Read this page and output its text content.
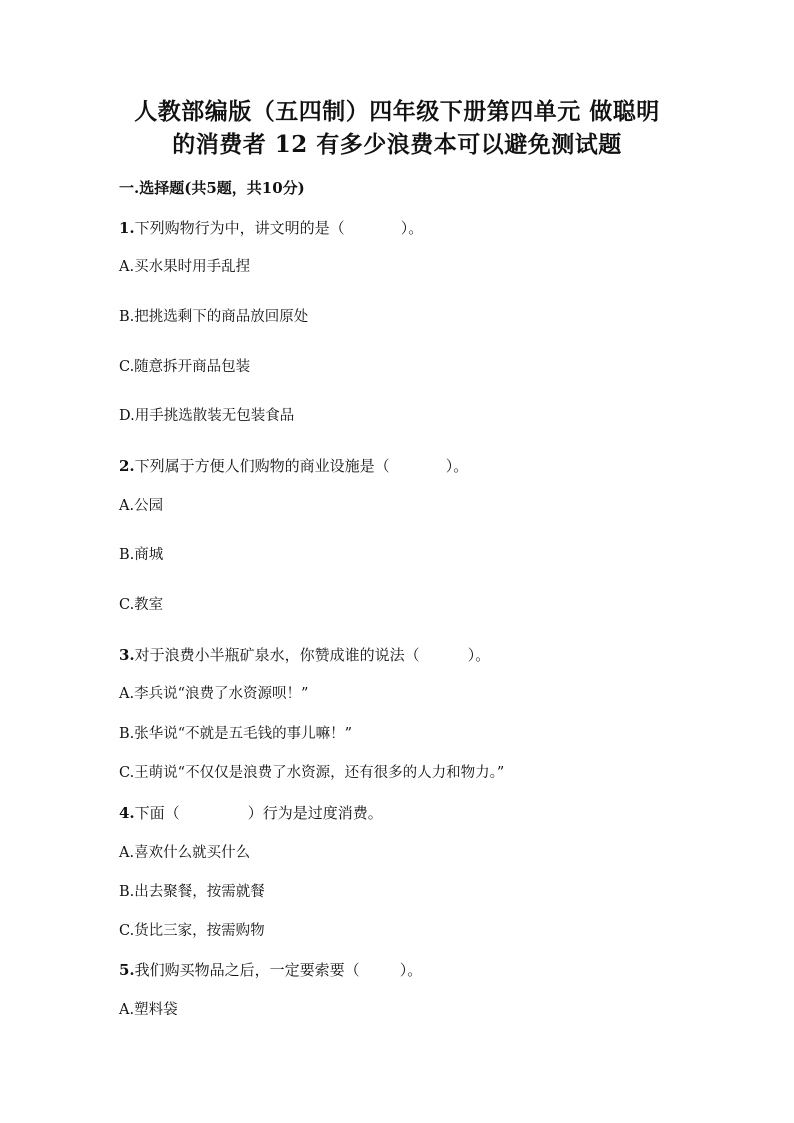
人教部编版（五四制）四年级下册第四单元 做聪明
的消费者 12 有多少浪费本可以避免测试题
一.选择题(共5题，共10分)
1.下列购物行为中，讲文明的是（	）。
A.买水果时用手乱捏
B.把挑选剩下的商品放回原处
C.随意拆开商品包装
D.用手挑选散装无包装食品
2.下列属于方便人们购物的商业设施是（	）。
A.公园
B.商城
C.教室
3.对于浪费小半瓶矿泉水，你赞成谁的说法（	）。
A.李兵说“浪费了水资源呗！”
B.张华说“不就是五毛钱的事儿嘛！”
C.王萌说“不仅仅是浪费了水资源，还有很多的人力和物力。”
4.下面（	）行为是过度消费。
A.喜欢什么就买什么
B.出去聚餐，按需就餐
C.货比三家，按需购物
5.我们购买物品之后，一定要索要（	）。
A.塑料袋
